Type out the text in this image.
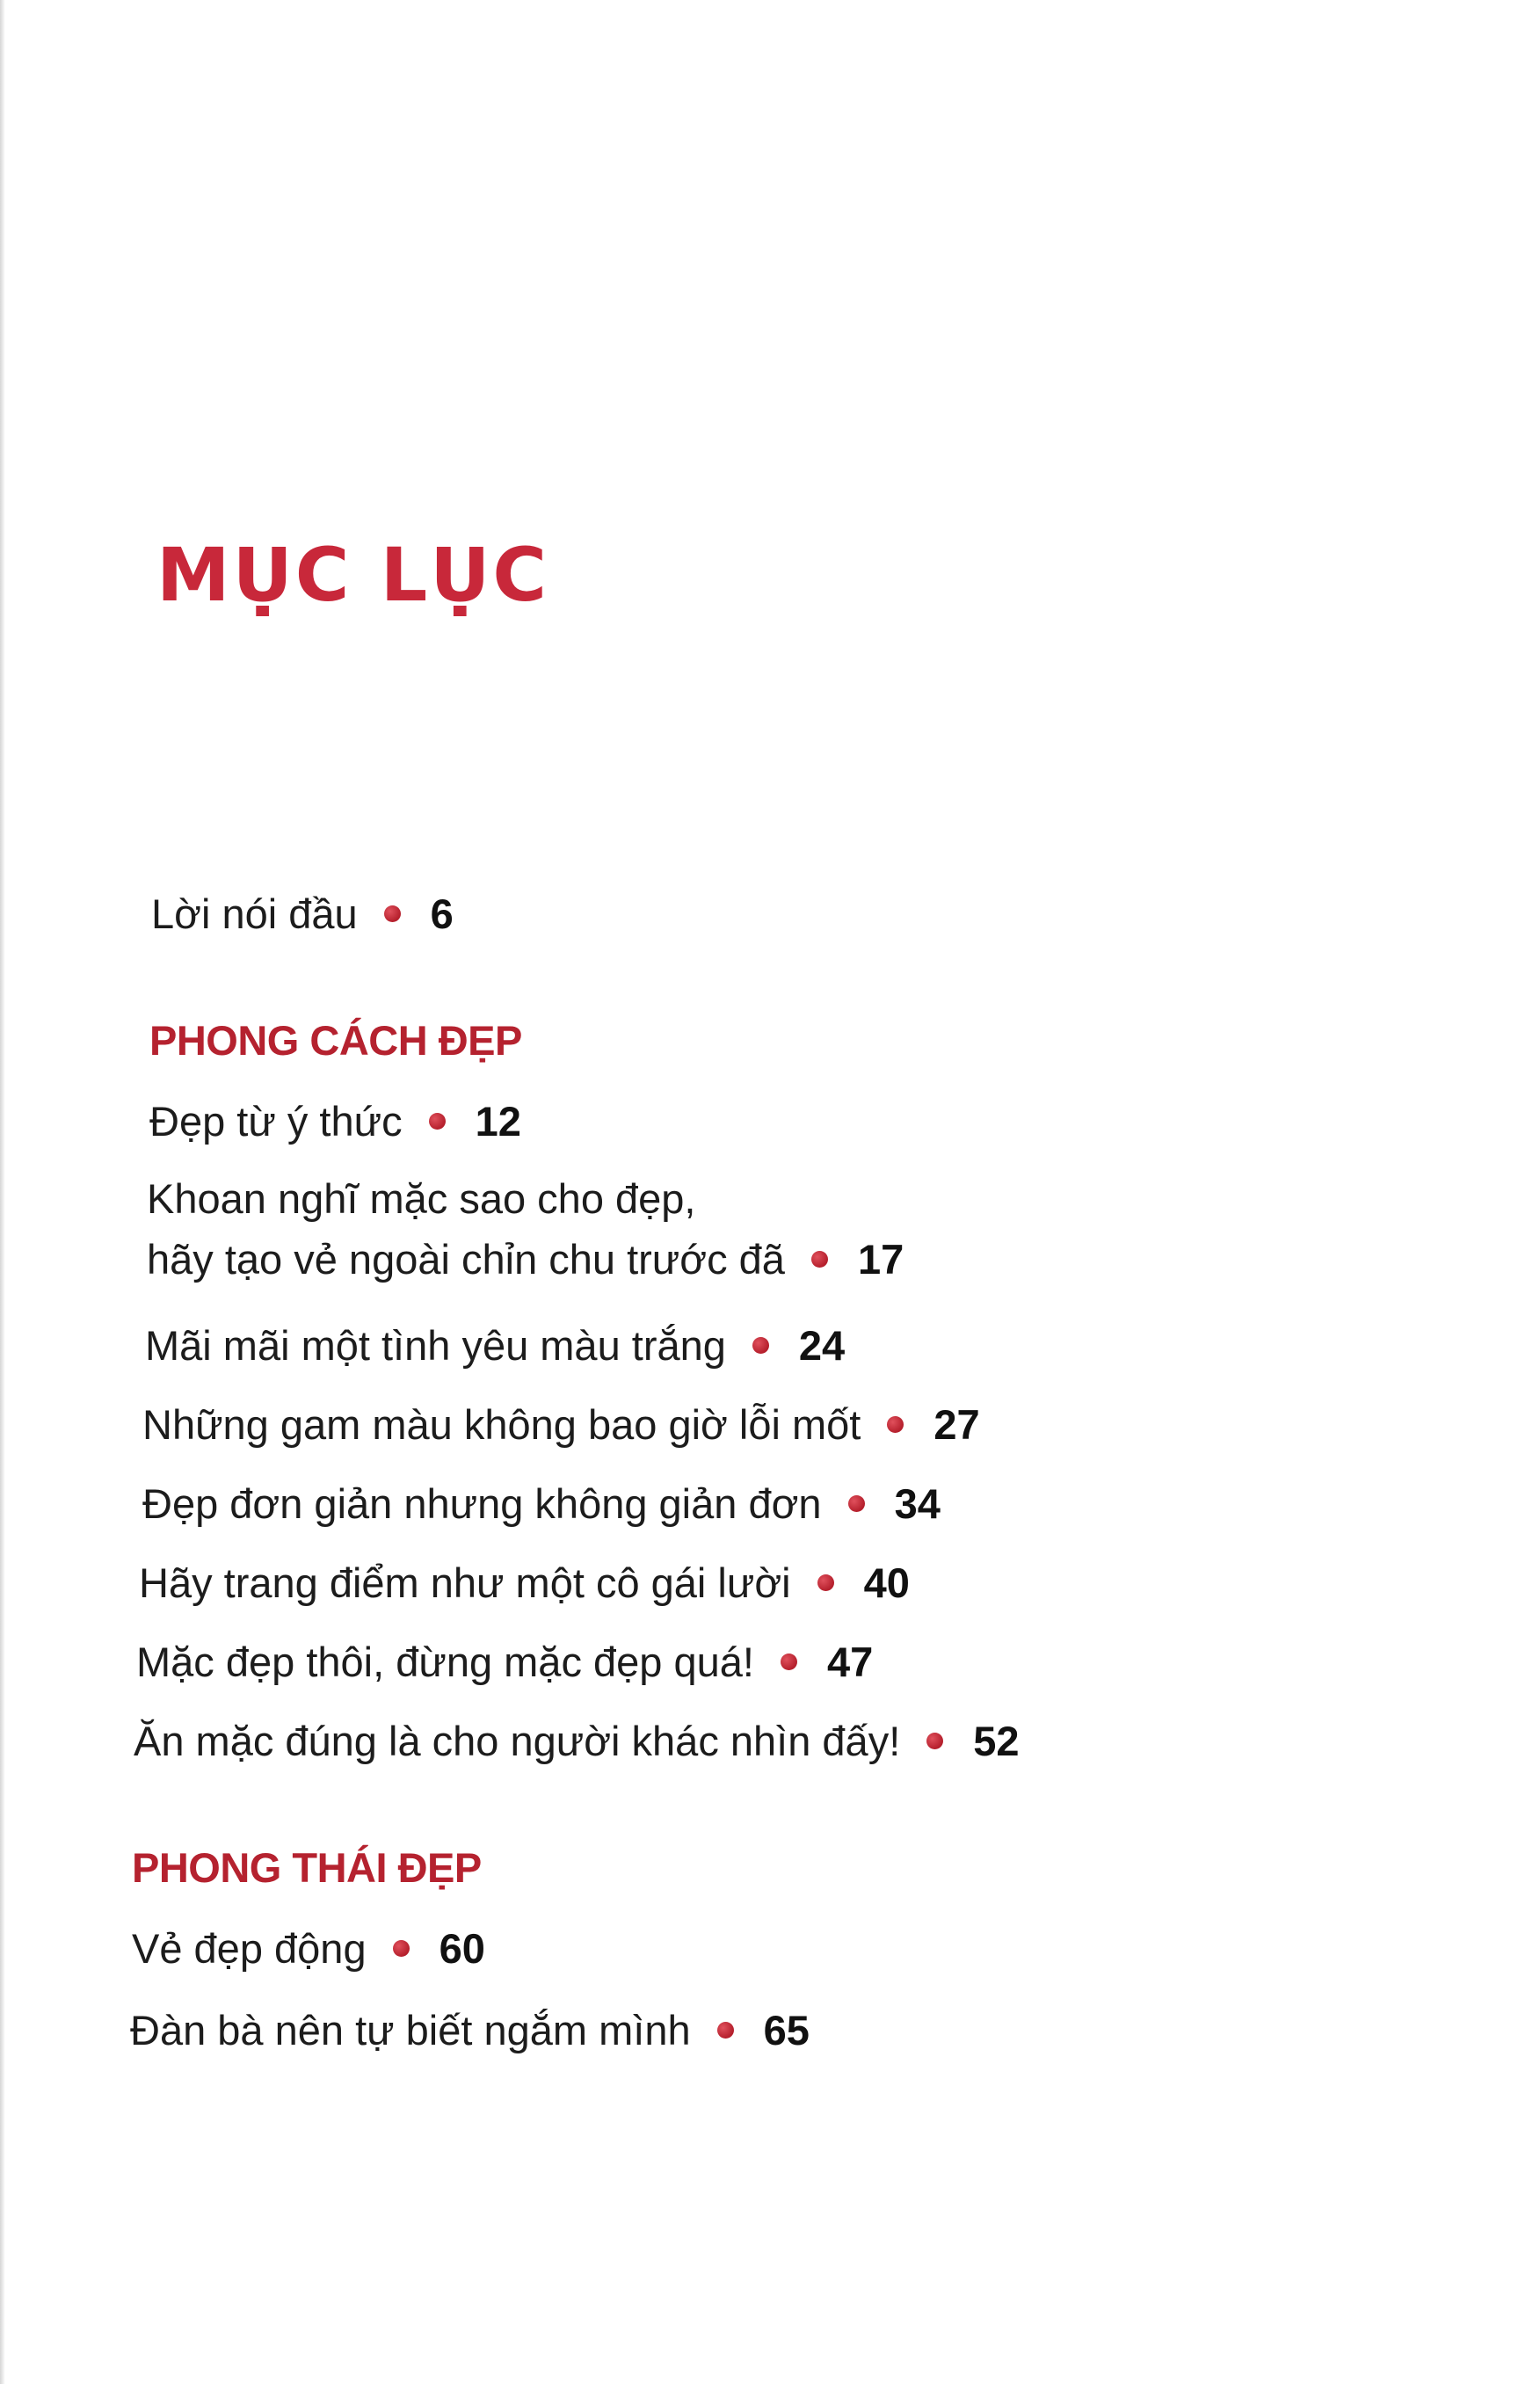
MỤC LỤC
Lời nói đầu 6
PHONG CÁCH ĐẸP
Đẹp từ ý thức 12
Khoan nghĩ mặc sao cho đẹp,
hãy tạo vẻ ngoài chỉn chu trước đã 17
Mãi mãi một tình yêu màu trắng 24
Những gam màu không bao giờ lỗi mốt 27
Đẹp đơn giản nhưng không giản đơn 34
Hãy trang điểm như một cô gái lười 40
Mặc đẹp thôi, đừng mặc đẹp quá! 47
Ăn mặc đúng là cho người khác nhìn đấy! 52
PHONG THÁI ĐẸP
Vẻ đẹp động 60
Đàn bà nên tự biết ngắm mình 65
